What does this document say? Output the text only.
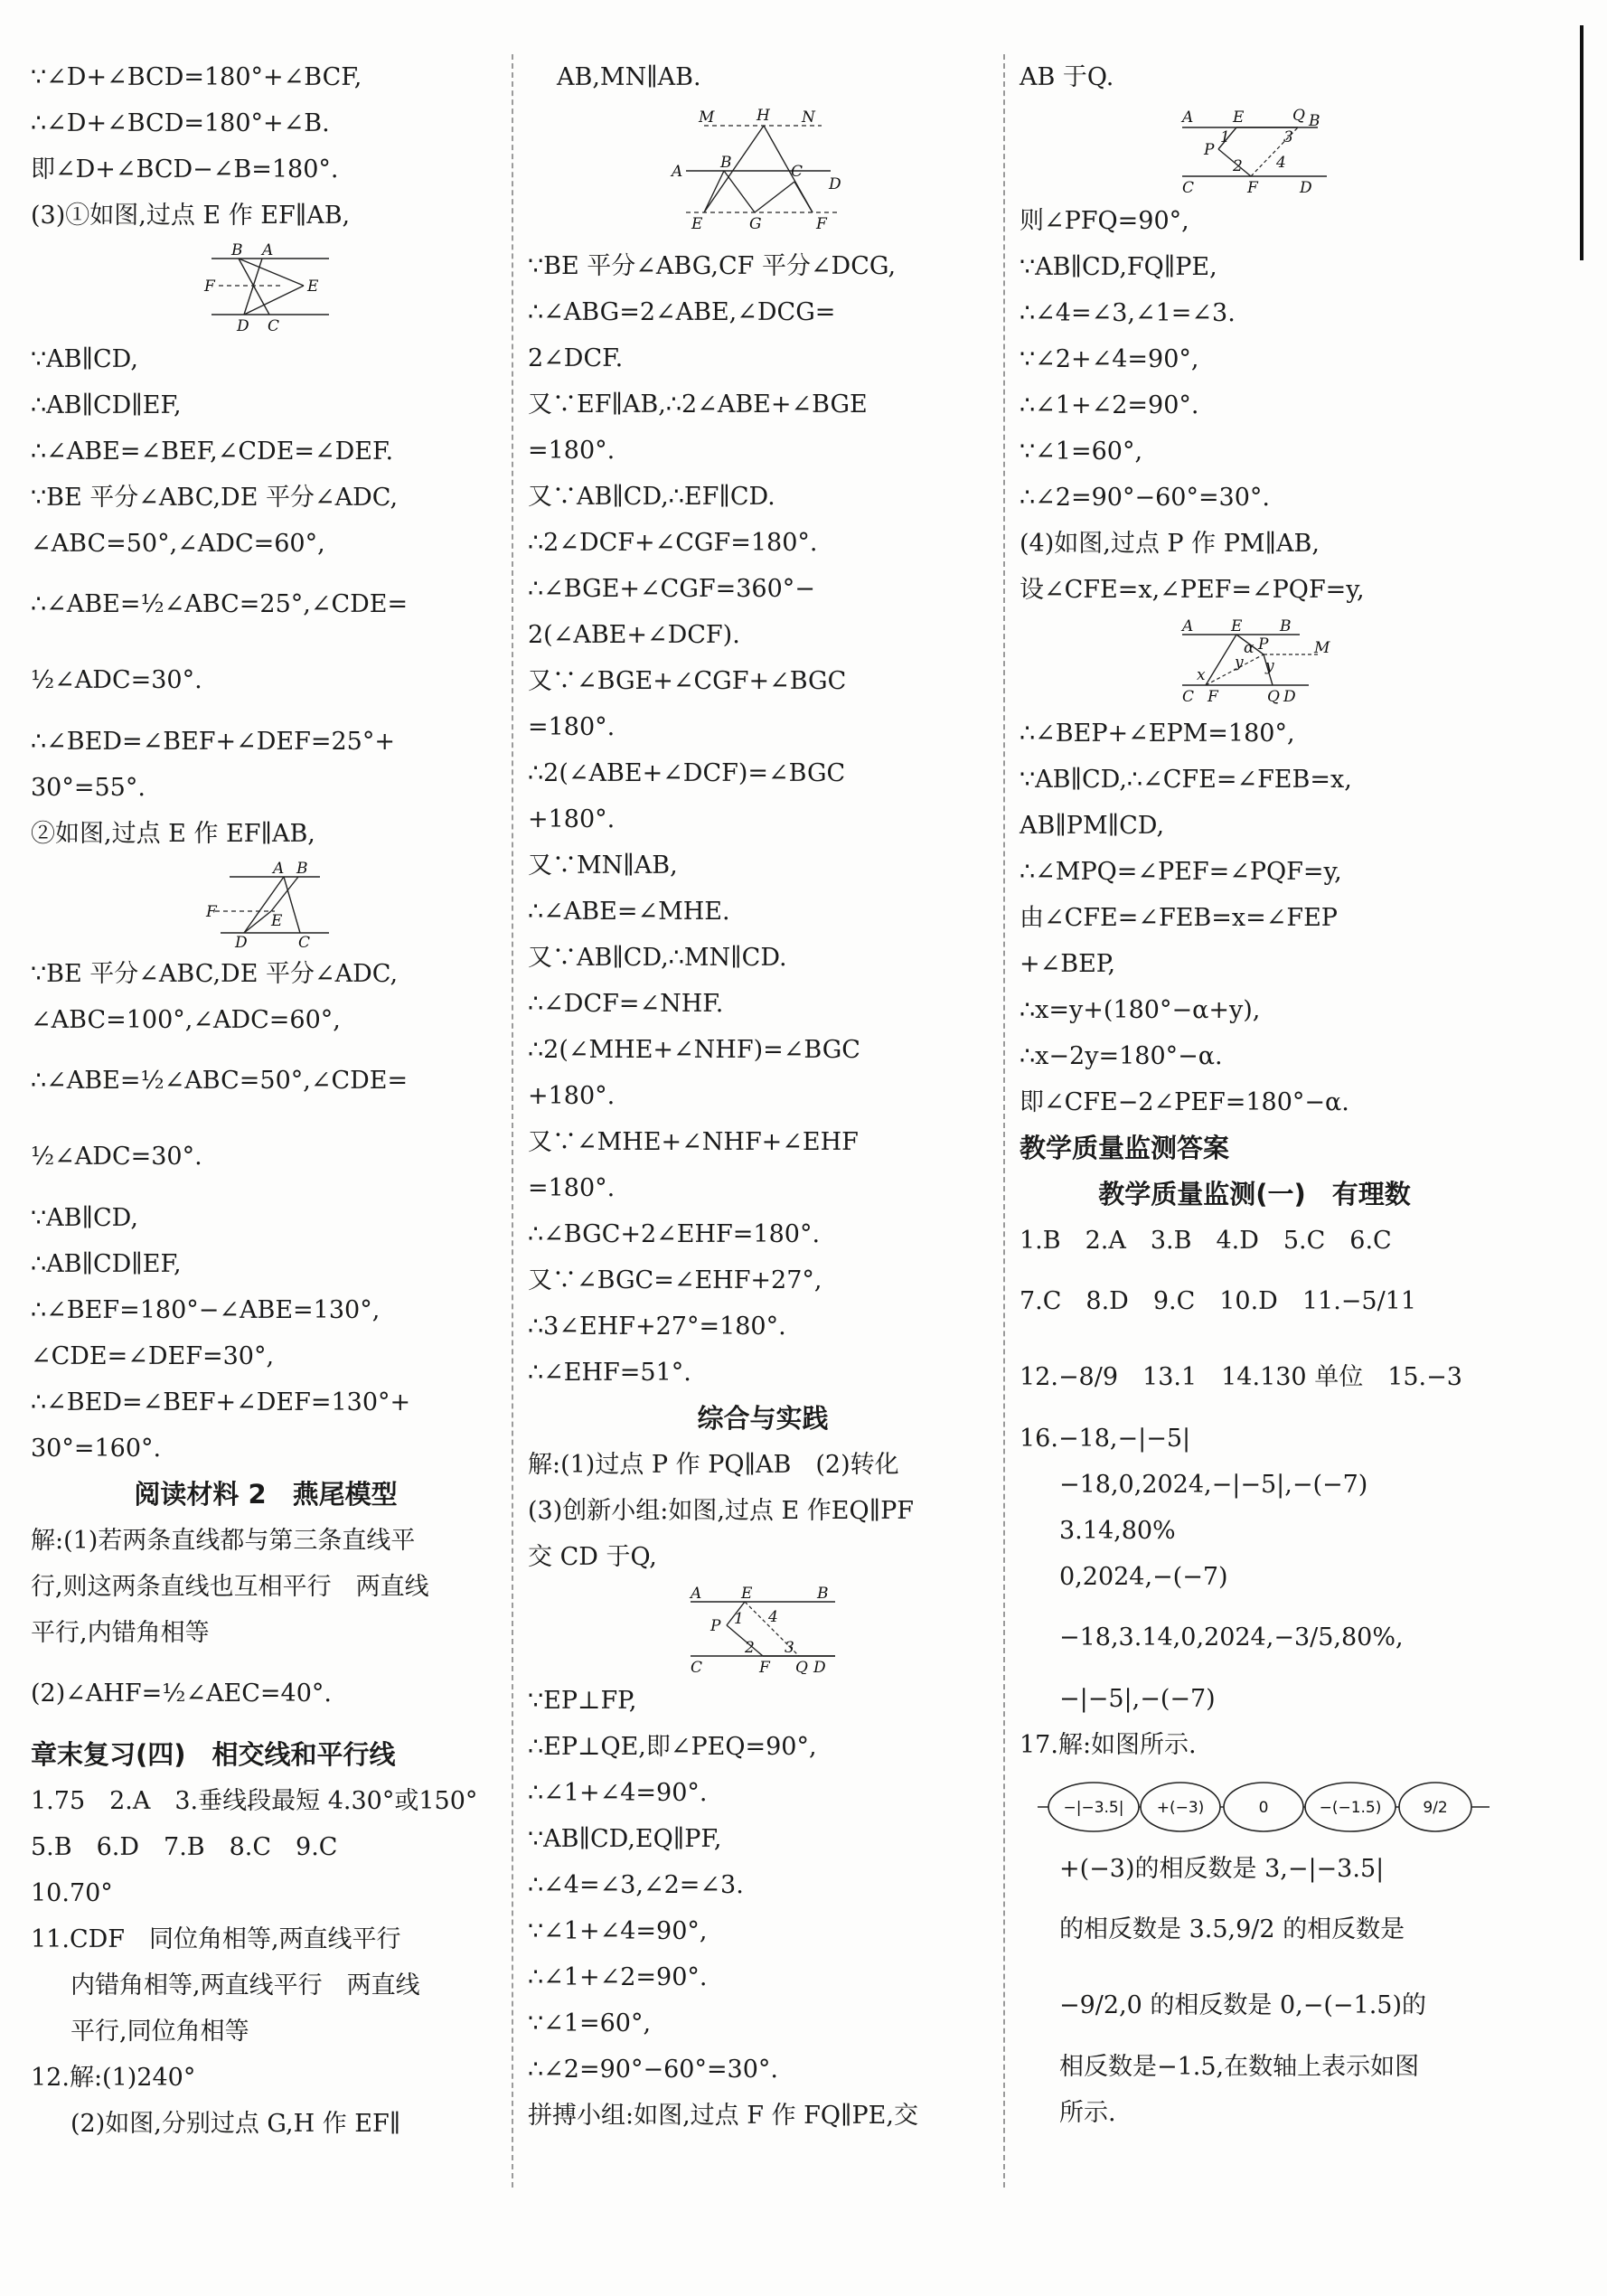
∵∠D+∠BCD=180°+∠BCF,
∴∠D+∠BCD=180°+∠B.
即∠D+∠BCD−∠B=180°.
(3)①如图,过点 E 作 EF∥AB,
B A
F	E
D C
∵AB∥CD,
∴AB∥CD∥EF,
∴∠ABE=∠BEF,∠CDE=∠DEF.
∵BE 平分∠ABC,DE 平分∠ADC,
∠ABC=50°,∠ADC=60°,
∴∠ABE=½∠ABC=25°,∠CDE=
½∠ADC=30°.
∴∠BED=∠BEF+∠DEF=25°+
30°=55°.
②如图,过点 E 作 EF∥AB,
A B
F	E
D	C
∵BE 平分∠ABC,DE 平分∠ADC,
∠ABC=100°,∠ADC=60°,
∴∠ABE=½∠ABC=50°,∠CDE=
½∠ADC=30°.
∵AB∥CD,
∴AB∥CD∥EF,
∴∠BEF=180°−∠ABE=130°,
∠CDE=∠DEF=30°,
∴∠BED=∠BEF+∠DEF=130°+
30°=160°.
阅读材料 2　燕尾模型
解:(1)若两条直线都与第三条直线平
行,则这两条直线也互相平行　两直线
平行,内错角相等
(2)∠AHF=½∠AEC=40°.
章末复习(四)　相交线和平行线
1.75　2.A　3.垂线段最短 4.30°或150°
5.B　6.D　7.B　8.C　9.C
10.70°
11.CDF　同位角相等,两直线平行
内错角相等,两直线平行　两直线
平行,同位角相等
12.解:(1)240°
(2)如图,分别过点 G,H 作 EF∥
AB,MN∥AB.
M	H N
A B	C
D
E	G	F
∵BE 平分∠ABG,CF 平分∠DCG,
∴∠ABG=2∠ABE,∠DCG=
2∠DCF.
又∵EF∥AB,∴2∠ABE+∠BGE
=180°.
又∵AB∥CD,∴EF∥CD.
∴2∠DCF+∠CGF=180°.
∴∠BGE+∠CGF=360°−
2(∠ABE+∠DCF).
又∵∠BGE+∠CGF+∠BGC
=180°.
∴2(∠ABE+∠DCF)=∠BGC
+180°.
又∵MN∥AB,
∴∠ABE=∠MHE.
又∵AB∥CD,∴MN∥CD.
∴∠DCF=∠NHF.
∴2(∠MHE+∠NHF)=∠BGC
+180°.
又∵∠MHE+∠NHF+∠EHF
=180°.
∴∠BGC+2∠EHF=180°.
又∵∠BGC=∠EHF+27°,
∴3∠EHF+27°=180°.
∴∠EHF=51°.
综合与实践
解:(1)过点 P 作 PQ∥AB　(2)转化
(3)创新小组:如图,过点 E 作EQ∥PF
交 CD 于Q,
A	E	B
P 1
2 3
4
C	F Q D
∵EP⊥FP,
∴EP⊥QE,即∠PEQ=90°,
∴∠1+∠4=90°.
∵AB∥CD,EQ∥PF,
∴∠4=∠3,∠2=∠3.
∵∠1+∠4=90°,
∴∠1+∠2=90°.
∵∠1=60°,
∴∠2=90°−60°=30°.
拼搏小组:如图,过点 F 作 FQ∥PE,交
AB 于Q.
A	E	Q B
P
1
2
3
4
C	F	D
则∠PFQ=90°,
∵AB∥CD,FQ∥PE,
∴∠4=∠3,∠1=∠3.
∵∠2+∠4=90°,
∴∠1+∠2=90°.
∵∠1=60°,
∴∠2=90°−60°=30°.
(4)如图,过点 P 作 PM∥AB,
设∠CFE=x,∠PEF=∠PQF=y,
A E B
α P	M
y y
x
C F	Q D
∴∠BEP+∠EPM=180°,
∵AB∥CD,∴∠CFE=∠FEB=x,
AB∥PM∥CD,
∴∠MPQ=∠PEF=∠PQF=y,
由∠CFE=∠FEB=x=∠FEP
+∠BEP,
∴x=y+(180°−α+y),
∴x−2y=180°−α.
即∠CFE−2∠PEF=180°−α.
教学质量监测答案
教学质量监测(一)　有理数
1.B　2.A　3.B　4.D　5.C　6.C
7.C　8.D　9.C　10.D　11.−5/11
12.−8/9　13.1　14.130 单位　15.−3
16.−18,−|−5|
−18,0,2024,−|−5|,−(−7)
3.14,80%
0,2024,−(−7)
−18,3.14,0,2024,−3/5,80%,
−|−5|,−(−7)
17.解:如图所示.
−|−3.5| +(−3)	0	−(−1.5)	9/2
+(−3)的相反数是 3,−|−3.5|
的相反数是 3.5,9/2 的相反数是
−9/2,0 的相反数是 0,−(−1.5)的
相反数是−1.5,在数轴上表示如图
所示.
